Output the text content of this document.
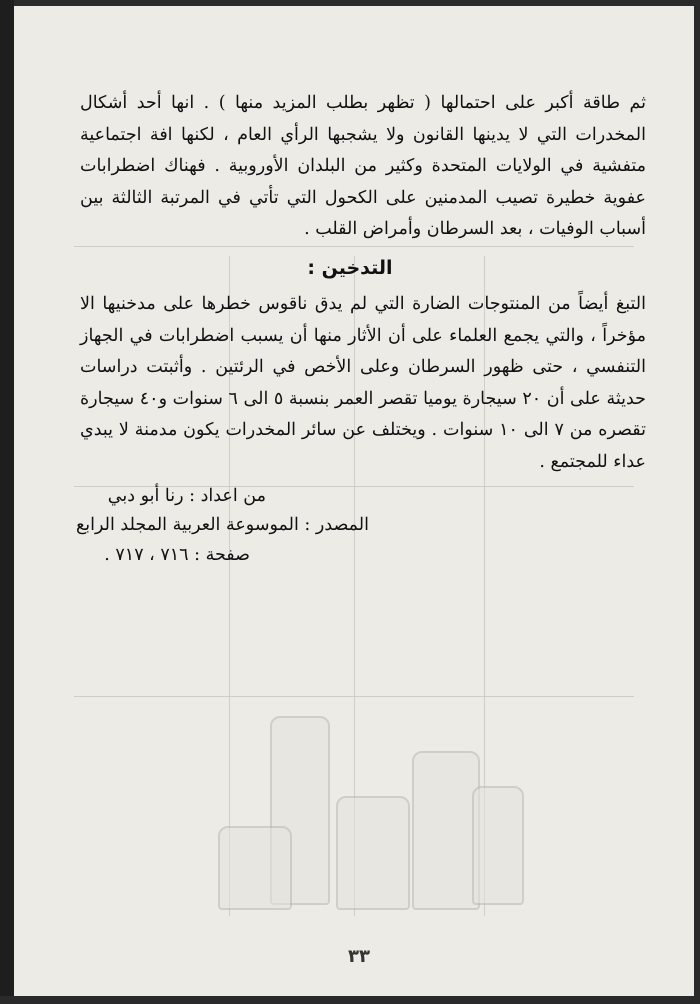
ثم طاقة أكبر على احتمالها ( تظهر بطلب المزيد منها ) . انها أحد أشكال المخدرات التي لا يدينها القانون ولا يشجبها الرأي العام ، لكنها افة اجتماعية متفشية في الولايات المتحدة وكثير من البلدان الأوروبية . فهناك اضطرابات عفوية خطيرة تصيب المدمنين على الكحول التي تأتي في المرتبة الثالثة بين أسباب الوفيات ، بعد السرطان وأمراض القلب .

التدخين :

التبغ أيضاً من المنتوجات الضارة التي لم يدق ناقوس خطرها على مدخنيها الا مؤخراً ، والتي يجمع العلماء على أن الأثار منها أن يسبب اضطرابات في الجهاز التنفسي ، حتى ظهور السرطان وعلى الأخص في الرئتين . وأثبتت دراسات حديثة على أن ٢٠ سيجارة يوميا تقصر العمر بنسبة ٥ الى ٦ سنوات و٤٠ سيجارة تقصره من ٧ الى ١٠ سنوات . ويختلف عن سائر المخدرات يكون مدمنة لا يبدي عداء للمجتمع .

من اعداد : رنا أبو دبي
المصدر : الموسوعة العربية المجلد الرابع
صفحة : ٧١٦ ، ٧١٧ .
٣٣
